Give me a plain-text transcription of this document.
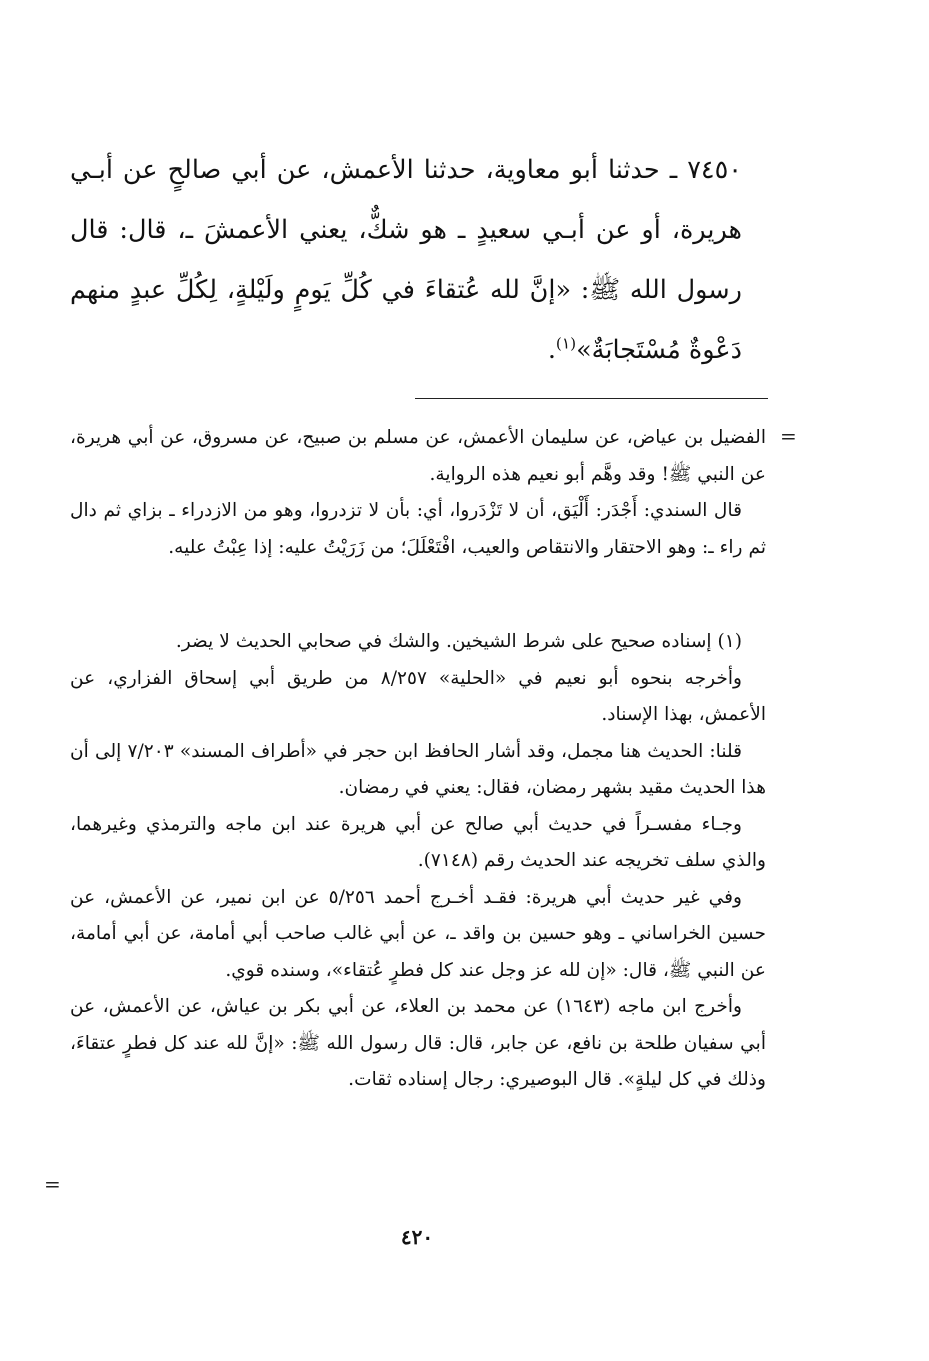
٧٤٥٠ ـ حدثنا أبو معاوية، حدثنا الأعمش، عن أبي صالحٍ عن أبـي هريرة، أو عن أبـي سعيدٍ ـ هو شكٌّ، يعني الأعمشَ ـ، قال: قال رسول الله ﷺ: «إنَّ لله عُتقاءَ في كُلِّ يَومٍ ولَيْلةٍ، لِكُلِّ عبدٍ منهم دَعْوةٌ مُسْتَجابَةٌ»$^{(١)}$.
=

الفضيل بن عياض، عن سليمان الأعمش، عن مسلم بن صبيح، عن مسروق، عن أبي هريرة، عن النبي ﷺ! وقد وهَّم أبو نعيم هذه الرواية.

قال السندي: أَجْدَر: أَلْيَق، أن لا تَزْدَروا، أي: بأن لا تزدروا، وهو من الازدراء ـ بزاي ثم دال ثم راء ـ: وهو الاحتقار والانتقاص والعيب، افْتَعْلَلَ؛ من زَرَيْتُ عليه: إذا عِبْتُ عليه.

(١) إسناده صحيح على شرط الشيخين. والشك في صحابي الحديث لا يضر.

وأخرجه بنحوه أبو نعيم في «الحلية» ٨/٢٥٧ من طريق أبي إسحاق الفزاري، عن الأعمش، بهذا الإسناد.

قلنا: الحديث هنا مجمل، وقد أشار الحافظ ابن حجر في «أطراف المسند» ٧/٢٠٣ إلى أن هذا الحديث مقيد بشهر رمضان، فقال: يعني في رمضان.

وجـاء مفسـراً في حديث أبي صالح عن أبي هريرة عند ابن ماجه والترمذي وغيرهما، والذي سلف تخريجه عند الحديث رقم (٧١٤٨).

وفي غير حديث أبي هريرة: فقـد أخـرج أحمد ٥/٢٥٦ عن ابن نمير، عن الأعمش، عن حسين الخراساني ـ وهو حسين بن واقد ـ، عن أبي غالب صاحب أبي أمامة، عن أبي أمامة، عن النبي ﷺ، قال: «إن لله عز وجل عند كل فطرٍ عُتقاء»، وسنده قوي.

وأخرج ابن ماجه (١٦٤٣) عن محمد بن العلاء، عن أبي بكر بن عياش، عن الأعمش، عن أبي سفيان طلحة بن نافع، عن جابر، قال: قال رسول الله ﷺ: «إنَّ لله عند كل فطرٍ عتقاءَ، وذلك في كل ليلةٍ». قال البوصيري: رجال إسناده ثقات.

=
٤٢٠
